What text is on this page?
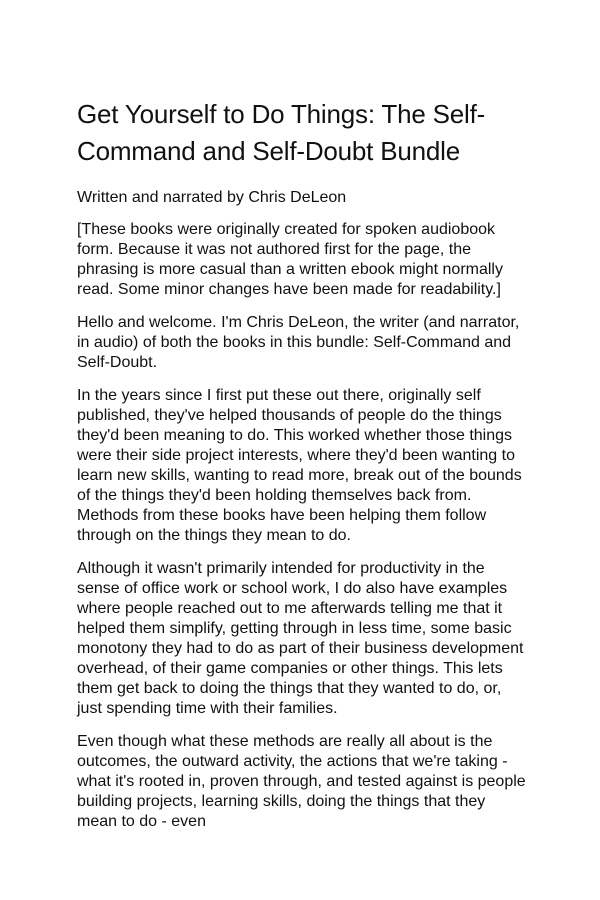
Get Yourself to Do Things: The Self-Command and Self-Doubt Bundle

Written and narrated by Chris DeLeon

[These books were originally created for spoken audiobook form. Because it was not authored first for the page, the phrasing is more casual than a written ebook might normally read. Some minor changes have been made for readability.]

Hello and welcome. I'm Chris DeLeon, the writer (and narrator, in audio) of both the books in this bundle: Self-Command and Self-Doubt.

In the years since I first put these out there, originally self published, they've helped thousands of people do the things they'd been meaning to do. This worked whether those things were their side project interests, where they'd been wanting to learn new skills, wanting to read more, break out of the bounds of the things they'd been holding themselves back from. Methods from these books have been helping them follow through on the things they mean to do.

Although it wasn't primarily intended for productivity in the sense of office work or school work, I do also have examples where people reached out to me afterwards telling me that it helped them simplify, getting through in less time, some basic monotony they had to do as part of their business development overhead, of their game companies or other things. This lets them get back to doing the things that they wanted to do, or, just spending time with their families.

Even though what these methods are really all about is the outcomes, the outward activity, the actions that we're taking - what it's rooted in, proven through, and tested against is people building projects, learning skills, doing the things that they mean to do - even
